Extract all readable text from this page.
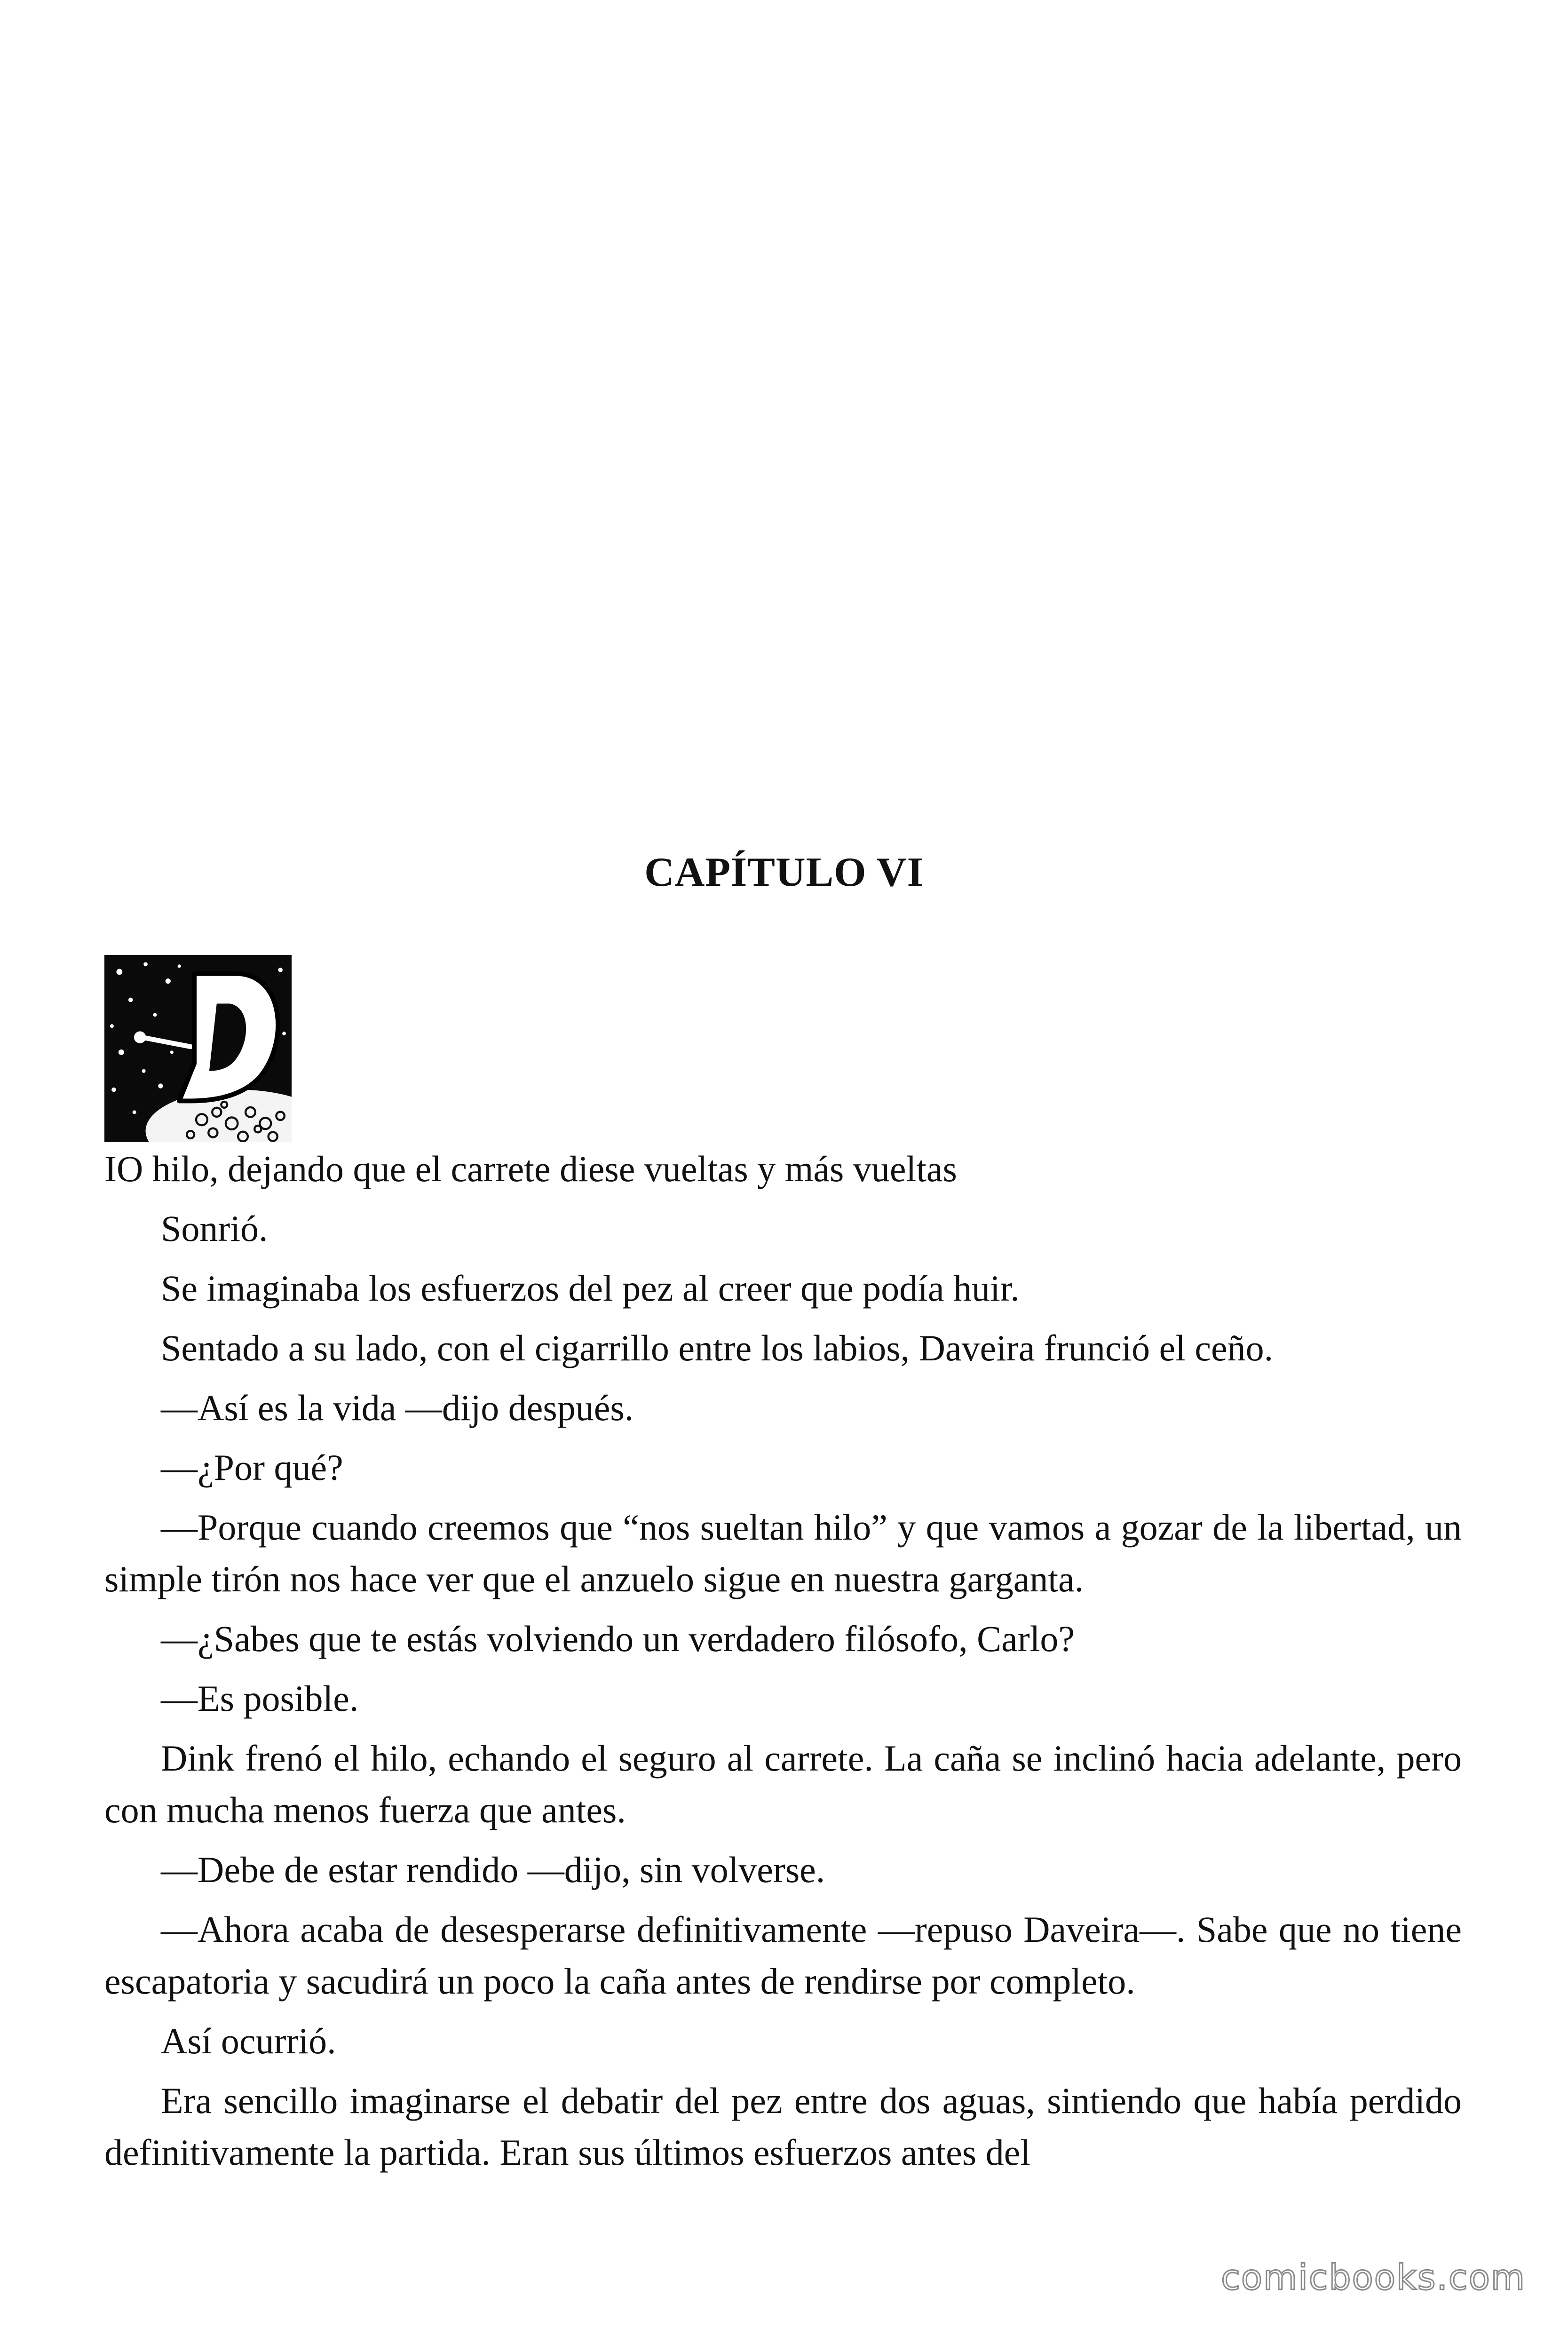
CAPÍTULO VI

IO hilo, dejando que el carrete diese vueltas y más vueltas

Sonrió.

Se imaginaba los esfuerzos del pez al creer que podía huir.

Sentado a su lado, con el cigarrillo entre los labios, Daveira frunció el ceño.

—Así es la vida —dijo después.

—¿Por qué?

—Porque cuando creemos que “nos sueltan hilo” y que vamos a gozar de la libertad, un simple tirón nos hace ver que el anzuelo sigue en nuestra garganta.

—¿Sabes que te estás volviendo un verdadero filósofo, Carlo?

—Es posible.

Dink frenó el hilo, echando el seguro al carrete. La caña se inclinó hacia adelante, pero con mucha menos fuerza que antes.

—Debe de estar rendido —dijo, sin volverse.

—Ahora acaba de desesperarse definitivamente —repuso Daveira—. Sabe que no tiene escapatoria y sacudirá un poco la caña antes de rendirse por completo.

Así ocurrió.

Era sencillo imaginarse el debatir del pez entre dos aguas, sintiendo que había perdido definitivamente la partida. Eran sus últimos esfuerzos antes del

comicbooks.com
